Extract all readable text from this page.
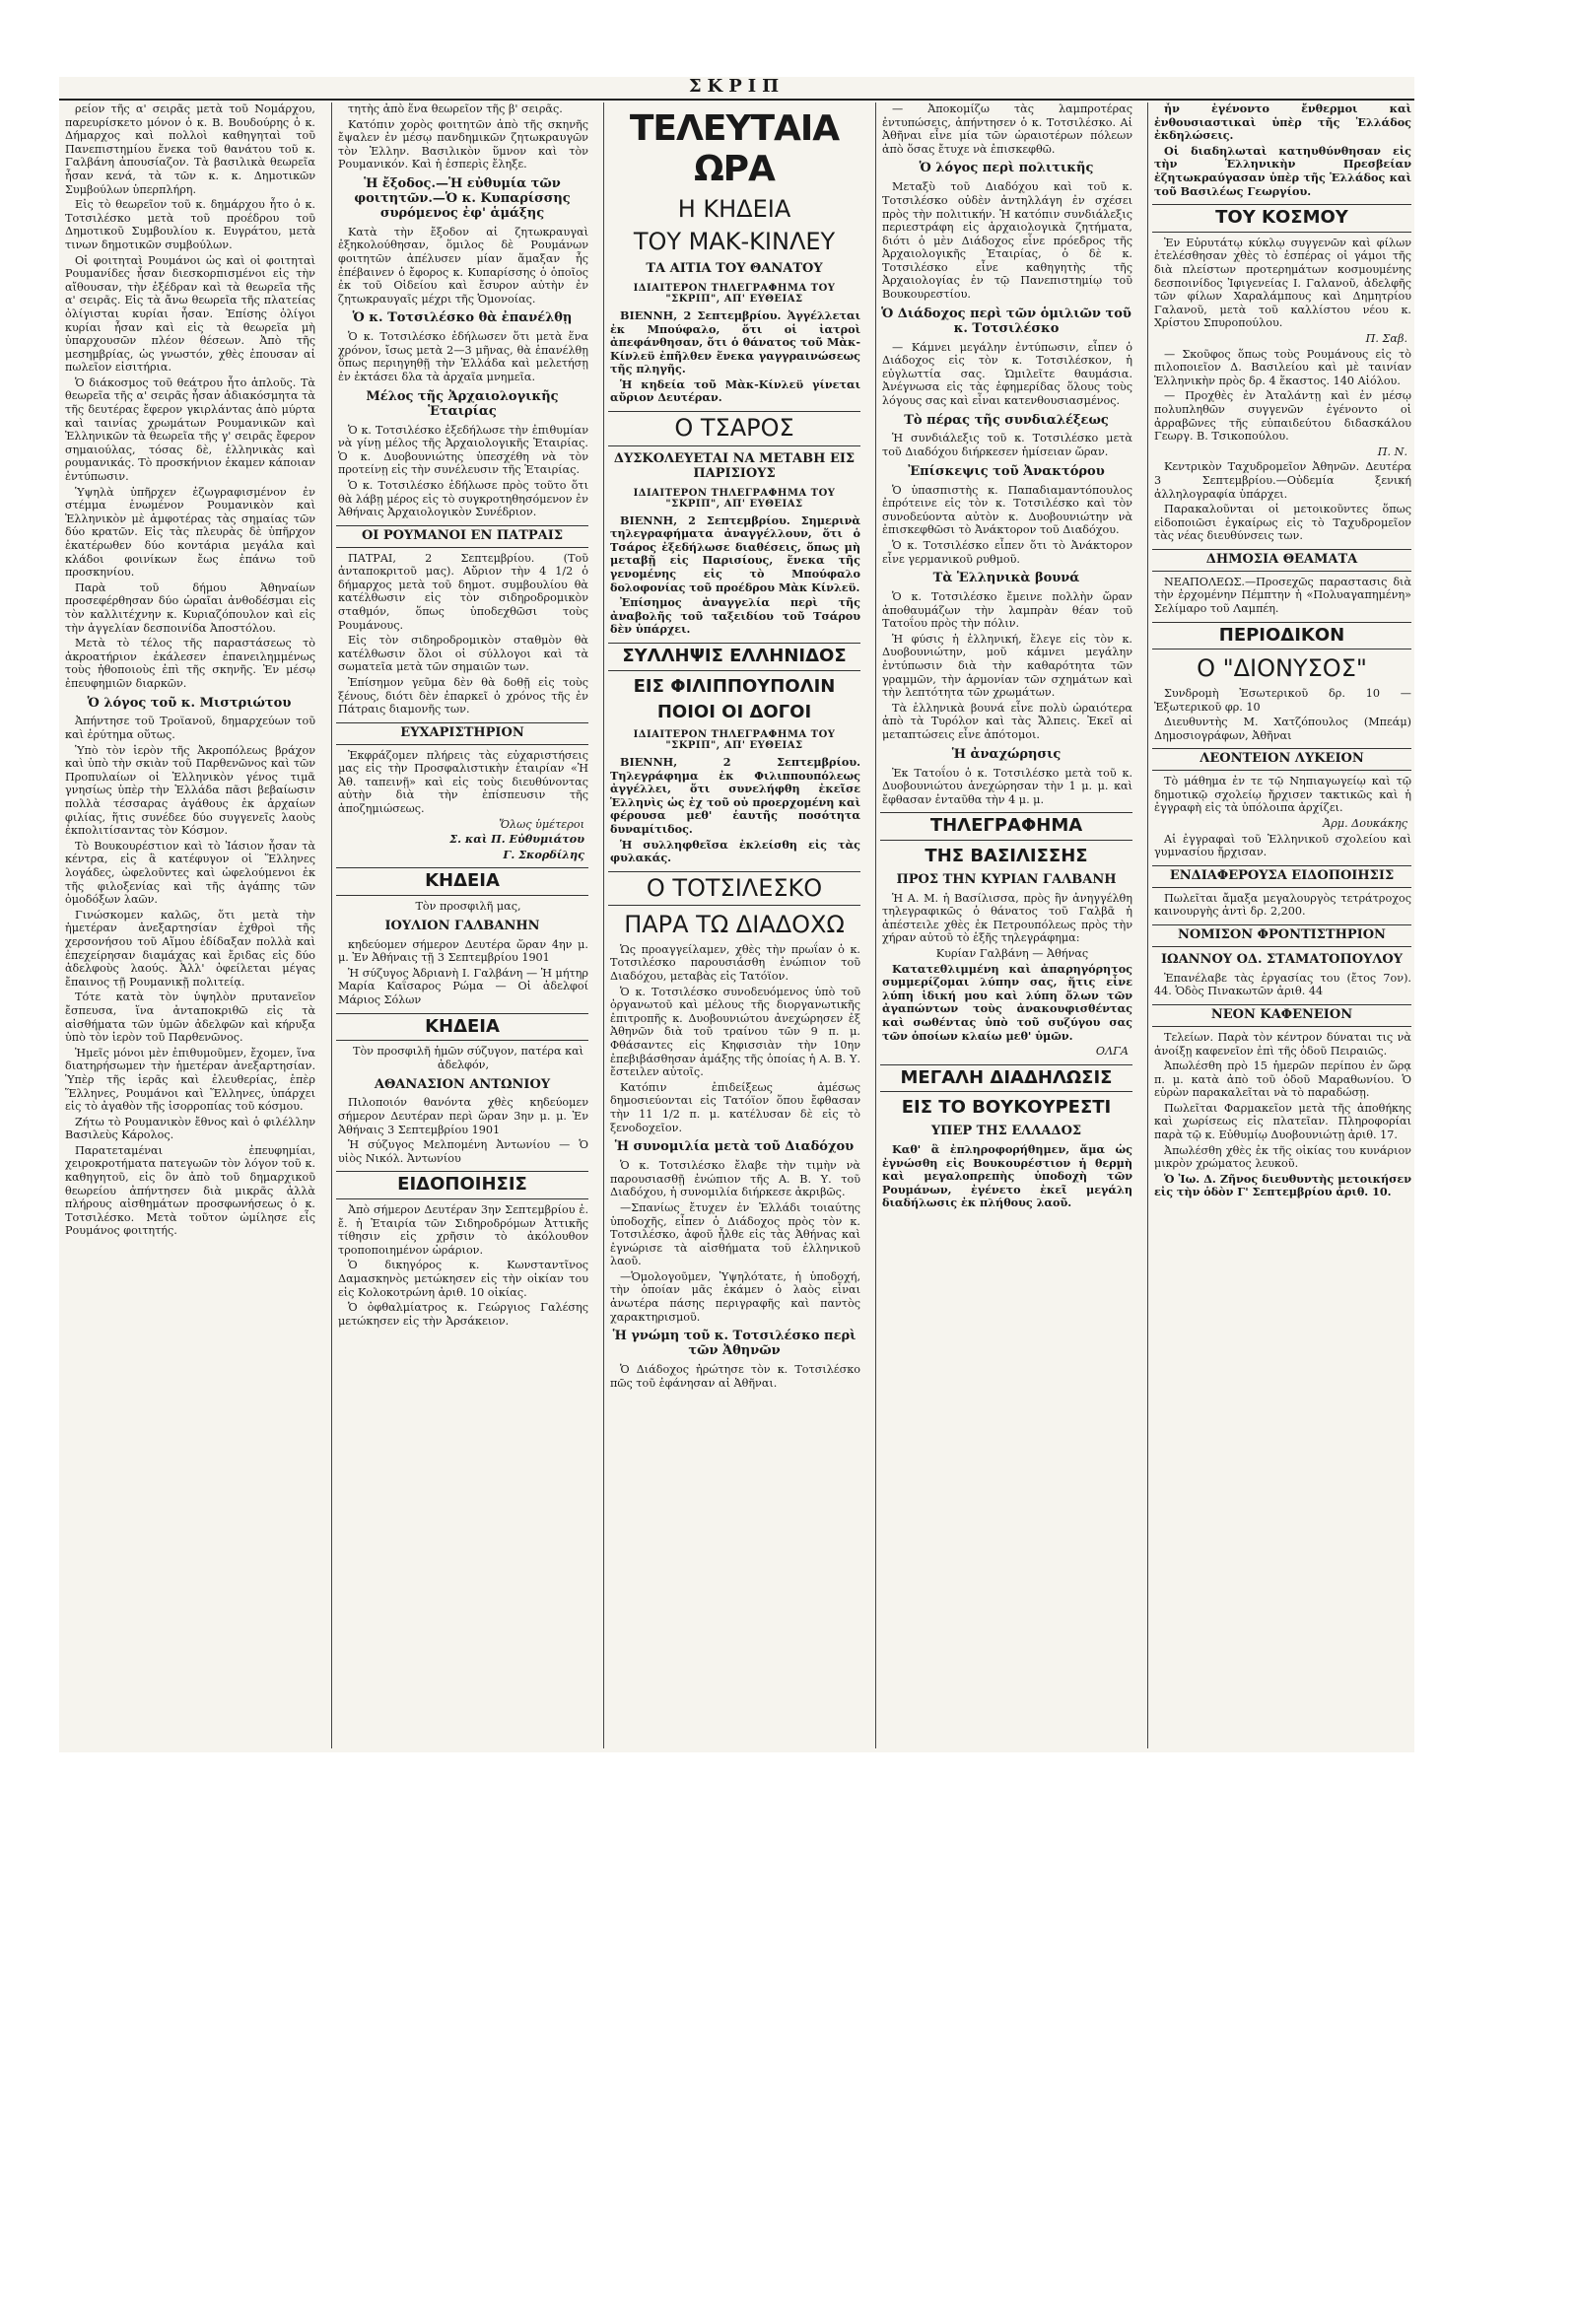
ΣΚΡΙΠ

ρείον τῆς α' σειρᾶς μετὰ τοῦ Νομάρχου, παρευρίσκετο μόνον ὁ κ. Β. Βουδούρης ὁ κ. Δήμαρχος καὶ πολλοὶ καθηγηταὶ τοῦ Πανεπιστημίου ἕνεκα τοῦ θανάτου τοῦ κ. Γαλβάνη ἀπουσίαζον. Τὰ βασιλικὰ θεωρεῖα ἦσαν κενά, τὰ τῶν κ. κ. Δημοτικῶν Συμβούλων ὑπερπλήρη.

Εἰς τὸ θεωρεῖον τοῦ κ. δημάρχου ἦτο ὁ κ. Τοτσιλέσκο μετὰ τοῦ προέδρου τοῦ Δημοτικοῦ Συμβουλίου κ. Ευγράτου, μετὰ τινων δημοτικῶν συμβούλων.

Οἱ φοιτηταὶ Ρουμάνοι ὡς καὶ οἱ φοιτηταὶ Ρουμανίδες ἦσαν διεσκορπισμένοι εἰς τὴν αἴθουσαν, τὴν ἐξέδραν καὶ τὰ θεωρεῖα τῆς α' σειρᾶς. Εἰς τὰ ἄνω θεωρεῖα τῆς πλατείας ὀλίγισται κυρίαι ἦσαν. Ἐπίσης ὀλίγοι κυρίαι ἦσαν καὶ εἰς τὰ θεωρεῖα μὴ ὑπαρχουσῶν πλέον θέσεων. Ἀπὸ τῆς μεσημβρίας, ὡς γνωστόν, χθὲς ἐπουσαν αἱ πωλεῖον εἰσιτήρια.

Ὁ διάκοσμος τοῦ θεάτρου ἦτο ἁπλοῦς. Τὰ θεωρεῖα τῆς α' σειρᾶς ἦσαν ἀδιακόσμητα τὰ τῆς δευτέρας ἔφερον γκιρλάντας ἀπὸ μύρτα καὶ ταινίας χρωμάτων Ρουμανικῶν καὶ Ἑλληνικῶν τὰ θεωρεῖα τῆς γ' σειρᾶς ἔφερον σημαιούλας, τόσας δὲ, ἑλληνικὰς καὶ ρουμανικάς. Τὸ προσκήνιον ἐκαμεν κάποιαν ἐντύπωσιν.

Ὑψηλὰ ὑπῆρχεν ἐζωγραφισμένον ἐν στέμμα ἑνωμένον Ρουμανικὸν καὶ Ἑλληνικὸν μὲ ἀμφοτέρας τὰς σημαίας τῶν δύο κρατῶν. Εἰς τὰς πλευρὰς δὲ ὑπῆρχον ἑκατέρωθεν δύο κοντάρια μεγάλα καὶ κλάδοι φοινίκων ἔως ἐπάνω τοῦ προσκηνίου.

Παρὰ τοῦ δήμου Ἀθηναίων προσεφέρθησαν δύο ὡραῖαι ἀνθοδέσμαι εἰς τὸν καλλιτέχνην κ. Κυριαζόπουλον καὶ εἰς τὴν ἀγγελίαν δεσποινίδα Ἀποστόλου.

Μετὰ τὸ τέλος τῆς παραστάσεως τὸ ἀκροατήριον ἐκάλεσεν ἐπανειλημμένως τοὺς ἠθοποιοὺς ἐπὶ τῆς σκηνῆς. Ἐν μέσῳ ἐπευφημιῶν διαρκῶν.

Ὁ λόγος τοῦ κ. Μιστριώτου

Ἀπήντησε τοῦ Τροϊανοῦ, δημαρχεύων τοῦ καὶ ἐρύτημα οὕτως.

Ὑπὸ τὸν ἱερὸν τῆς Ἀκροπόλεως βράχον καὶ ὑπὸ τὴν σκιὰν τοῦ Παρθενῶνος καὶ τῶν Προπυλαίων οἱ Ἑλληνικὸν γένος τιμᾶ γνησίως ὑπὲρ τὴν Ἑλλάδα πᾶσι βεβαίωσιν πολλὰ τέσσαρας ἀγάθους ἐκ ἀρχαίων φιλίας, ἥτις συνέδεε δύο συγγενεῖς λαοὺς ἐκπολιτίσαντας τὸν Κόσμον.

Τὸ Βουκουρέστιον καὶ τὸ Ἰάσιον ἦσαν τὰ κέντρα, εἰς ἃ κατέφυγον οἱ Ἕλληνες λογάδες, ὠφελοῦντες καὶ ὠφελούμενοι ἐκ τῆς φιλοξενίας καὶ τῆς ἀγάπης τῶν ὁμοδόξων λαῶν.

Γινώσκομεν καλῶς, ὅτι μετὰ τὴν ἡμετέραν ἀνεξαρτησίαν ἐχθροὶ τῆς χερσονήσου τοῦ Αἵμου ἐδίδαξαν πολλὰ καὶ ἐπεχείρησαν διαμάχας καὶ ἔριδας εἰς δύο ἀδελφοὺς λαούς. Ἀλλ' ὀφείλεται μέγας ἔπαινος τῇ Ρουμανικῇ πολιτείᾳ.

Τότε κατὰ τὸν ὑψηλὸν πρυτανεῖον ἔσπευσα, ἵνα ἀνταποκριθῶ εἰς τὰ αἰσθήματα τῶν ὑμῶν ἀδελφῶν καὶ κήρυξα ὑπὸ τὸν ἱερὸν τοῦ Παρθενῶνος.

Ἡμεῖς μόνοι μὲν ἐπιθυμοῦμεν, ἔχομεν, ἵνα διατηρήσωμεν τὴν ἡμετέραν ἀνεξαρτησίαν. Ὑπὲρ τῆς ἱερᾶς καὶ ἐλευθερίας, ἑπὲρ Ἕλληνες, Ρουμάνοι καὶ Ἕλληνες, ὑπάρχει εἰς τὸ ἀγαθὸν τῆς ἰσορροπίας τοῦ κόσμου.

Ζήτω τὸ Ρουμανικὸν ἔθνος καὶ ὁ φιλέλλην Βασιλεὺς Κάρολος.

Παρατεταμέναι ἐπευφημίαι, χειροκροτήματα πατεγωῶν τὸν λόγον τοῦ κ. καθηγητοῦ, εἰς ὃν ἀπὸ τοῦ δημαρχικοῦ θεωρείου ἀπήντησεν διὰ μικρᾶς ἀλλὰ πλήρους αἰσθημάτων προσφωνήσεως ὁ κ. Τοτσιλέσκο. Μετὰ τοῦτον ὡμίλησε εἷς Ρουμάνος φοιτητής.

τητὴς ἀπὸ ἕνα θεωρεῖον τῆς β' σειρᾶς.

Κατόπιν χορὸς φοιτητῶν ἀπὸ τῆς σκηνῆς ἔψαλεν ἐν μέσῳ πανδημικῶν ζητωκραυγῶν τὸν Ἑλλην. Βασιλικὸν ὕμνον καὶ τὸν Ρουμανικόν. Καὶ ἡ ἑσπερὶς ἔληξε.

Ἡ ἔξοδος.—Ἡ εὐθυμία τῶν φοιτητῶν.—Ὁ κ. Κυπαρίσσης συρόμενος ἐφ' ἁμάξης

Κατὰ τὴν ἔξοδον αἱ ζητωκραυγαὶ ἐξηκολούθησαν, ὅμιλος δὲ Ρουμάνων φοιτητῶν ἀπέλυσεν μίαν ἅμαξαν ἧς ἐπέβαινεν ὁ ἔφορος κ. Κυπαρίσσης ὁ ὁποῖος ἐκ τοῦ Οἰδείου καὶ ἔσυρον αὐτὴν ἐν ζητωκραυγαῖς μέχρι τῆς Ὁμονοίας.

Ὁ κ. Τοτσιλέσκο θὰ ἐπανέλθῃ

Ὁ κ. Τοτσιλέσκο ἐδήλωσεν ὅτι μετὰ ἕνα χρόνον, ἴσως μετὰ 2—3 μῆνας, θὰ ἐπανέλθῃ ὅπως περιηγηθῇ τὴν Ἑλλάδα καὶ μελετήσῃ ἐν ἐκτάσει δλα τὰ ἀρχαῖα μνημεῖα.

Μέλος τῆς Ἀρχαιολογικῆς Ἑταιρίας

Ὁ κ. Τοτσιλέσκο ἐξεδήλωσε τὴν ἐπιθυμίαν νὰ γίνῃ μέλος τῆς Ἀρχαιολογικῆς Ἑταιρίας. Ὁ κ. Δυοβουνιώτης ὑπεσχέθη νὰ τὸν προτείνῃ εἰς τὴν συνέλευσιν τῆς Ἑταιρίας.

Ὁ κ. Τοτσιλέσκο ἐδήλωσε πρὸς τοῦτο ὅτι θὰ λάβῃ μέρος εἰς τὸ συγκροτηθησόμενον ἐν Ἀθήναις Ἀρχαιολογικὸν Συνέδριον.

ΟΙ ΡΟΥΜΑΝΟΙ ΕΝ ΠΑΤΡΑΙΣ

ΠΑΤΡΑΙ, 2 Σεπτεμβρίου. (Τοῦ ἀνταποκριτοῦ μας). Αὔριον τὴν 4 1/2 ὁ δήμαρχος μετὰ τοῦ δημοτ. συμβουλίου θὰ κατέλθωσιν εἰς τὸν σιδηροδρομικὸν σταθμόν, ὅπως ὑποδεχθῶσι τοὺς Ρουμάνους.

Εἰς τὸν σιδηροδρομικὸν σταθμὸν θὰ κατέλθωσιν ὅλοι οἱ σύλλογοι καὶ τὰ σωματεῖα μετὰ τῶν σημαιῶν των.

Ἐπίσημον γεῦμα δὲν θὰ δοθῇ εἰς τοὺς ξένους, διότι δὲν ἐπαρκεῖ ὁ χρόνος τῆς ἐν Πάτραις διαμονῆς των.

ΕΥΧΑΡΙΣΤΗΡΙΟΝ

Ἐκφράζομεν πλήρεις τὰς εὐχαριστήσεις μας εἰς τὴν Προσφαλιστικὴν ἑταιρίαν «Ἡ Ἀθ. ταπεινῇ» καὶ εἰς τοὺς διευθύνοντας αὐτὴν διὰ τὴν ἐπίσπευσιν τῆς ἀποζημιώσεως.

Ὅλως ὑμέτεροι
Σ. καὶ Π. Εὐθυμιάτου
Γ. Σκορδίλης
ΚΗΔΕΙΑ

Τὸν προσφιλῆ μας,

ΙΟΥΛΙΟΝ ΓΑΛΒΑΝΗΝ

κηδεύομεν σήμερον Δευτέρα ὥραν 4ην μ. μ. Ἐν Ἀθήναις τῇ 3 Σεπτεμβρίου 1901

Ἡ σύζυγος Ἀδριανὴ Ι. Γαλβάνη — Ἡ μήτηρ Μαρία Καΐσαρος Ρώμα — Οἱ ἀδελφοί Μάριος Σόλων

ΚΗΔΕΙΑ

Τὸν προσφιλῆ ἡμῶν σύζυγον, πατέρα καὶ ἀδελφόν,

ΑΘΑΝΑΣΙΟΝ ΑΝΤΩΝΙΟΥ

Πιλοποιόν θανόντα χθὲς κηδεύομεν σήμερον Δευτέραν περὶ ὥραν 3ην μ. μ. Ἐν Ἀθήναις 3 Σεπτεμβρίου 1901

Ἡ σύζυγος Μελπομένη Ἀντωνίου — Ὁ υἱὸς Νικόλ. Ἀντωνίου

ΕΙΔΟΠΟΙΗΣΙΣ

Ἀπὸ σήμερον Δευτέραν 3ην Σεπτεμβρίου ἐ. ἔ. ἡ Ἑταιρία τῶν Σιδηροδρόμων Ἀττικῆς τίθησιν εἰς χρῆσιν τὸ ἀκόλουθον τροποποιημένον ὡράριον.

Ὁ δικηγόρος κ. Κωνσταντῖνος Δαμασκηνὸς μετώκησεν εἰς τὴν οἰκίαν του εἰς Κολοκοτρώνη ἀριθ. 10 οἰκίας.

Ὁ ὀφθαλμίατρος κ. Γεώργιος Γαλέσης μετώκησεν εἰς τὴν Ἀρσάκειον.

ΤΕΛΕΥΤΑΙΑ ΩΡΑ
Η ΚΗΔΕΙΑ
ΤΟΥ ΜΑΚ-ΚΙΝΛΕΥ
ΤΑ ΑΙΤΙΑ ΤΟΥ ΘΑΝΑΤΟΥ
ΙΔΙΑΙΤΕΡΟΝ ΤΗΛΕΓΡΑΦΗΜΑ ΤΟΥ "ΣΚΡΙΠ", ΑΠ' ΕΥΘΕΙΑΣ

ΒΙΕΝΝΗ, 2 Σεπτεμβρίου. Ἀγγέλλεται ἐκ Μπούφαλο, ὅτι οἱ ἰατροὶ ἀπεφάνθησαν, ὅτι ὁ θάνατος τοῦ Μὰκ-Κίνλεϋ ἐπῆλθεν ἕνεκα γαγγραινώσεως τῆς πληγῆς.

Ἡ κηδεία τοῦ Μὰκ-Κίνλεϋ γίνεται αὔριον Δευτέραν.

Ο ΤΣΑΡΟΣ
ΔΥΣΚΟΛΕΥΕΤΑΙ ΝΑ ΜΕΤΑΒΗ ΕΙΣ ΠΑΡΙΣΙΟΥΣ
ΙΔΙΑΙΤΕΡΟΝ ΤΗΛΕΓΡΑΦΗΜΑ ΤΟΥ "ΣΚΡΙΠ", ΑΠ' ΕΥΘΕΙΑΣ

ΒΙΕΝΝΗ, 2 Σεπτεμβρίου. Σημερινὰ τηλεγραφήματα ἀναγγέλλουν, ὅτι ὁ Τσάρος ἐξεδήλωσε διαθέσεις, ὅπως μὴ μεταβῇ εἰς Παρισίους, ἕνεκα τῆς γενομένης εἰς τὸ Μπούφαλο δολοφονίας τοῦ προέδρου Μὰκ Κίνλεϋ.

Ἐπίσημος ἀναγγελία περὶ τῆς ἀναβολῆς τοῦ ταξειδίου τοῦ Τσάρου δὲν ὑπάρχει.

ΣΥΛΛΗΨΙΣ ΕΛΛΗΝΙΔΟΣ
ΕΙΣ ΦΙΛΙΠΠΟΥΠΟΛΙΝ
ΠΟΙΟΙ ΟΙ ΔΟΓΟΙ
ΙΔΙΑΙΤΕΡΟΝ ΤΗΛΕΓΡΑΦΗΜΑ ΤΟΥ "ΣΚΡΙΠ", ΑΠ' ΕΥΘΕΙΑΣ

ΒΙΕΝΝΗ, 2 Σεπτεμβρίου. Τηλεγράφημα ἐκ Φιλιππουπόλεως ἀγγέλλει, ὅτι συνελήφθη ἐκεῖσε Ἑλληνὶς ὡς ἐχ τοῦ οὐ προερχομένη καὶ φέρουσα μεθ' ἑαυτῆς ποσότητα δυναμίτιδος.

Ἡ συλληφθεῖσα ἐκλείσθη εἰς τὰς φυλακάς.

Ο ΤΟΤΣΙΛΕΣΚΟ
ΠΑΡΑ ΤΩ ΔΙΑΔΟΧΩ

Ὡς προαγγείλαμεν, χθὲς τὴν πρωΐαν ὁ κ. Τοτσιλέσκο παρουσιάσθη ἐνώπιον τοῦ Διαδόχου, μεταβὰς εἰς Τατόϊον.

Ὁ κ. Τοτσιλέσκο συνοδευόμενος ὑπὸ τοῦ ὀργανωτοῦ καὶ μέλους τῆς διοργανωτικῆς ἐπιτροπῆς κ. Δυοβουνιώτου ἀνεχώρησεν ἐξ Ἀθηνῶν διὰ τοῦ τραίνου τῶν 9 π. μ. Φθάσαντες εἰς Κηφισσιὰν τὴν 10ην ἐπεβιβάσθησαν ἁμάξης τῆς ὁποίας ἡ Α. Β. Υ. ἔστειλεν αὐτοῖς.

Κατόπιν ἐπιδείξεως ἀμέσως δημοσιεύονται εἰς Τατόϊον ὅπου ἔφθασαν τὴν 11 1/2 π. μ. κατέλυσαν δὲ εἰς τὸ ξενοδοχεῖον.

Ἡ συνομιλία μετὰ τοῦ Διαδόχου

Ὁ κ. Τοτσιλέσκο ἔλαβε τὴν τιμὴν νὰ παρουσιασθῇ ἐνώπιον τῆς Α. Β. Υ. τοῦ Διαδόχου, ἡ συνομιλία διήρκεσε ἀκριβῶς.

—Σπανίως ἔτυχεν ἐν Ἑλλάδι τοιαύτης ὑποδοχῆς, εἶπεν ὁ Διάδοχος πρὸς τὸν κ. Τοτσιλέσκο, ἀφοῦ ἦλθε εἰς τὰς Ἀθήνας καὶ ἐγνώρισε τὰ αἰσθήματα τοῦ ἑλληνικοῦ λαοῦ.

—Ὁμολογοῦμεν, Ὑψηλότατε, ἡ ὑποδοχή, τὴν ὁποίαν μᾶς ἐκάμεν ὁ λαὸς εἶναι ἀνωτέρα πάσης περιγραφῆς καὶ παντὸς χαρακτηρισμοῦ.

Ἡ γνώμη τοῦ κ. Τοτσιλέσκο περὶ τῶν Ἀθηνῶν

Ὁ Διάδοχος ἠρώτησε τὸν κ. Τοτσιλέσκο πῶς τοῦ ἐφάνησαν αἱ Ἀθῆναι.

— Ἀποκομίζω τὰς λαμπροτέρας ἐντυπώσεις, ἀπήντησεν ὁ κ. Τοτσιλέσκο. Αἱ Ἀθῆναι εἶνε μία τῶν ὡραιοτέρων πόλεων ἀπὸ ὅσας ἔτυχε νὰ ἐπισκεφθῶ.

Ὁ λόγος περὶ πολιτικῆς

Μεταξὺ τοῦ Διαδόχου καὶ τοῦ κ. Τοτσιλέσκο οὐδὲν ἀντηλλάγη ἐν σχέσει πρὸς τὴν πολιτικήν. Ἡ κατόπιν συνδιάλεξις περιεστράφη εἰς ἀρχαιολογικὰ ζητήματα, διότι ὁ μὲν Διάδοχος εἶνε πρόεδρος τῆς Ἀρχαιολογικῆς Ἑταιρίας, ὁ δὲ κ. Τοτσιλέσκο εἶνε καθηγητὴς τῆς Ἀρχαιολογίας ἐν τῷ Πανεπιστημίῳ τοῦ Βουκουρεστίου.

Ὁ Διάδοχος περὶ τῶν ὁμιλιῶν τοῦ κ. Τοτσιλέσκο

— Κάμνει μεγάλην ἐντύπωσιν, εἶπεν ὁ Διάδοχος εἰς τὸν κ. Τοτσιλέσκον, ἡ εὐγλωττία σας. Ὡμιλεῖτε θαυμάσια. Ἀνέγνωσα εἰς τὰς ἐφημερίδας ὅλους τοὺς λόγους σας καὶ εἶναι κατενθουσιασμένος.

Τὸ πέρας τῆς συνδιαλέξεως

Ἡ συνδιάλεξις τοῦ κ. Τοτσιλέσκο μετὰ τοῦ Διαδόχου διήρκεσεν ἡμίσειαν ὥραν.

Ἐπίσκεψις τοῦ Ἀνακτόρου

Ὁ ὑπασπιστὴς κ. Παπαδιαμαντόπουλος ἐπρότεινε εἰς τὸν κ. Τοτσιλέσκο καὶ τὸν συνοδεύοντα αὐτὸν κ. Δυοβουνιώτην νὰ ἐπισκεφθῶσι τὸ Ἀνάκτορον τοῦ Διαδόχου.

Ὁ κ. Τοτσιλέσκο εἶπεν ὅτι τὸ Ἀνάκτορον εἶνε γερμανικοῦ ρυθμοῦ.

Τὰ Ἑλληνικὰ βουνά

Ὁ κ. Τοτσιλέσκο ἔμεινε πολλὴν ὥραν ἀποθαυμάζων τὴν λαμπρὰν θέαν τοῦ Τατοΐου πρὸς τὴν πόλιν.

Ἡ φύσις ἡ ἑλληνική, ἔλεγε εἰς τὸν κ. Δυοβουνιώτην, μοῦ κάμνει μεγάλην ἐντύπωσιν διὰ τὴν καθαρότητα τῶν γραμμῶν, τὴν ἁρμονίαν τῶν σχημάτων καὶ τὴν λεπτότητα τῶν χρωμάτων.

Τὰ ἑλληνικὰ βουνά εἶνε πολὺ ὡραιότερα ἀπὸ τὰ Τυρόλον καὶ τὰς Ἄλπεις. Ἐκεῖ αἱ μεταπτώσεις εἶνε ἀπότομοι.

Ἡ ἀναχώρησις

Ἐκ Τατοΐου ὁ κ. Τοτσιλέσκο μετὰ τοῦ κ. Δυοβουνιώτου ἀνεχώρησαν τὴν 1 μ. μ. καὶ ἔφθασαν ἐνταῦθα τὴν 4 μ. μ.

ΤΗΛΕΓΡΑΦΗΜΑ
ΤΗΣ ΒΑΣΙΛΙΣΣΗΣ
ΠΡΟΣ ΤΗΝ ΚΥΡΙΑΝ ΓΑΛΒΑΝΗ

Ἡ Α. Μ. ἡ Βασίλισσα, πρὸς ἣν ἀνηγγέλθη τηλεγραφικῶς ὁ θάνατος τοῦ Γαλβᾶ ἡ ἀπέστειλε χθὲς ἐκ Πετρουπόλεως πρὸς τὴν χήραν αὐτοῦ τὸ ἑξῆς τηλεγράφημα:

Κυρίαν Γαλβάνη — Ἀθήνας

Κατατεθλιμμένη καὶ ἀπαρηγόρητος συμμερίζομαι λύπην σας, ἥτις εἶνε λύπη ἰδική μου καὶ λύπη ὅλων τῶν ἀγαπώντων τοὺς ἀνακουφισθέντας καὶ σωθέντας ὑπὸ τοῦ συζύγου σας τῶν ὁποίων κλαίω μεθ' ὑμῶν.

ΟΛΓΑ
ΜΕΓΑΛΗ ΔΙΑΔΗΛΩΣΙΣ
ΕΙΣ ΤΟ ΒΟΥΚΟΥΡΕΣΤΙ
ΥΠΕΡ ΤΗΣ ΕΛΛΑΔΟΣ

Καθ' ἃ ἐπληροφορήθημεν, ἅμα ὡς ἐγνώσθη εἰς Βουκουρέστιον ἡ θερμὴ καὶ μεγαλοπρεπὴς ὑποδοχὴ τῶν Ρουμάνων, ἐγένετο ἐκεῖ μεγάλη διαδήλωσις ἐκ πλήθους λαοῦ.

ἦν ἐγένοντο ἔνθερμοι καὶ ἐνθουσιαστικαὶ ὑπὲρ τῆς Ἑλλάδος ἐκδηλώσεις.

Οἱ διαδηλωταὶ κατηυθύνθησαν εἰς τὴν Ἑλληνικὴν Πρεσβείαν ἐζητωκραύγασαν ὑπὲρ τῆς Ἑλλάδος καὶ τοῦ Βασιλέως Γεωργίου.

ΤΟΥ ΚΟΣΜΟΥ

Ἐν Εὐρυτάτῳ κύκλῳ συγγενῶν καὶ φίλων ἐτελέσθησαν χθὲς τὸ ἑσπέρας οἱ γάμοι τῆς διὰ πλείστων προτερημάτων κοσμουμένης δεσποινίδος Ἰφιγενείας Ι. Γαλανοῦ, ἀδελφῆς τῶν φίλων Χαραλάμπους καὶ Δημητρίου Γαλανοῦ, μετὰ τοῦ καλλίστου νέου κ. Χρίστου Σπυροπούλου.

Π. Σαβ.

— Σκοῦφος ὅπως τοὺς Ρουμάνους εἰς τὸ πιλοποιεῖον Δ. Βασιλείου καὶ μὲ ταινίαν Ἑλληνικὴν πρὸς δρ. 4 ἕκαστος. 140 Αἰόλου.

— Προχθὲς ἐν Ἀταλάντῃ καὶ ἐν μέσῳ πολυπληθῶν συγγενῶν ἐγένοντο οἱ ἀρραβῶνες τῆς εὐπαιδεύτου διδασκάλου Γεωργ. Β. Τσικοπούλου.

Π. Ν.

Κεντρικὸν Ταχυδρομεῖον Ἀθηνῶν. Δευτέρα 3 Σεπτεμβρίου.—Οὐδεμία ξενική ἀλληλογραφία ὑπάρχει.

Παρακαλοῦνται οἱ μετοικοῦντες ὅπως εἰδοποιῶσι ἐγκαίρως εἰς τὸ Ταχυδρομεῖον τὰς νέας διευθύνσεις των.

ΔΗΜΟΣΙΑ ΘΕΑΜΑΤΑ

ΝΕΑΠΟΛΕΩΣ.—Προσεχῶς παραστασις διὰ τὴν ἐρχομένην Πέμπτην ἡ «Πολυαγαπημένη» Σελίμαρο τοῦ Λαμπέη.

ΠΕΡΙΟΔΙΚΟΝ
Ο "ΔΙΟΝΥΣΟΣ"

Συνδρομὴ Ἐσωτερικοῦ δρ. 10 — Ἐξωτερικοῦ φρ. 10

Διευθυντὴς Μ. Χατζόπουλος (Μπεάμ) Δημοσιογράφων, Ἀθῆναι

ΛΕΟΝΤΕΙΟΝ ΛΥΚΕΙΟΝ

Τὸ μάθημα ἐν τε τῷ Νηπιαγωγείῳ καὶ τῷ δημοτικῷ σχολείῳ ἤρχισεν τακτικῶς καὶ ἡ ἐγγραφὴ εἰς τὰ ὑπόλοιπα ἀρχίζει.

Ἀρμ. Δουκάκης

Αἱ ἐγγραφαὶ τοῦ Ἑλληνικοῦ σχολείου καὶ γυμνασίου ἤρχισαν.

ΕΝΔΙΑΦΕΡΟΥΣΑ ΕΙΔΟΠΟΙΗΣΙΣ

Πωλεῖται ἄμαξα μεγαλουργὸς τετράτροχος καινουργὴς ἀντὶ δρ. 2,200.

ΝΟΜΙΣΟΝ ΦΡΟΝΤΙΣΤΗΡΙΟΝ
ΙΩΑΝΝΟΥ ΟΔ. ΣΤΑΜΑΤΟΠΟΥΛΟΥ

Ἐπανέλαβε τὰς ἐργασίας του (ἔτος 7ον). 44. Ὁδὸς Πινακωτῶν ἀριθ. 44

ΝΕΟΝ ΚΑΦΕΝΕΙΟΝ

Τελείων. Παρὰ τὸν κέντρον δύναται τις νὰ ἀνοίξῃ καφενεῖον ἐπὶ τῆς ὁδοῦ Πειραιῶς.

Ἀπωλέσθη πρὸ 15 ἡμερῶν περίπου ἐν ὥρᾳ π. μ. κατὰ ἀπὸ τοῦ ὁδοῦ Μαραθωνίου. Ὁ εὑρὼν παρακαλεῖται νὰ τὸ παραδώσῃ.

Πωλεῖται Φαρμακεῖον μετὰ τῆς ἀποθήκης καὶ χωρίσεως εἰς πλατεῖαν. Πληροφορίαι παρὰ τῷ κ. Εὐθυμίῳ Δυοβουνιώτῃ ἀριθ. 17.

Ἀπωλέσθη χθὲς ἐκ τῆς οἰκίας του κυνάριον μικρὸν χρώματος λευκοῦ.

Ὁ Ἰω. Δ. Ζῆνος διευθυντὴς μετοικήσεν εἰς τὴν ὁδὸν Γ' Σεπτεμβρίου ἀριθ. 10.
